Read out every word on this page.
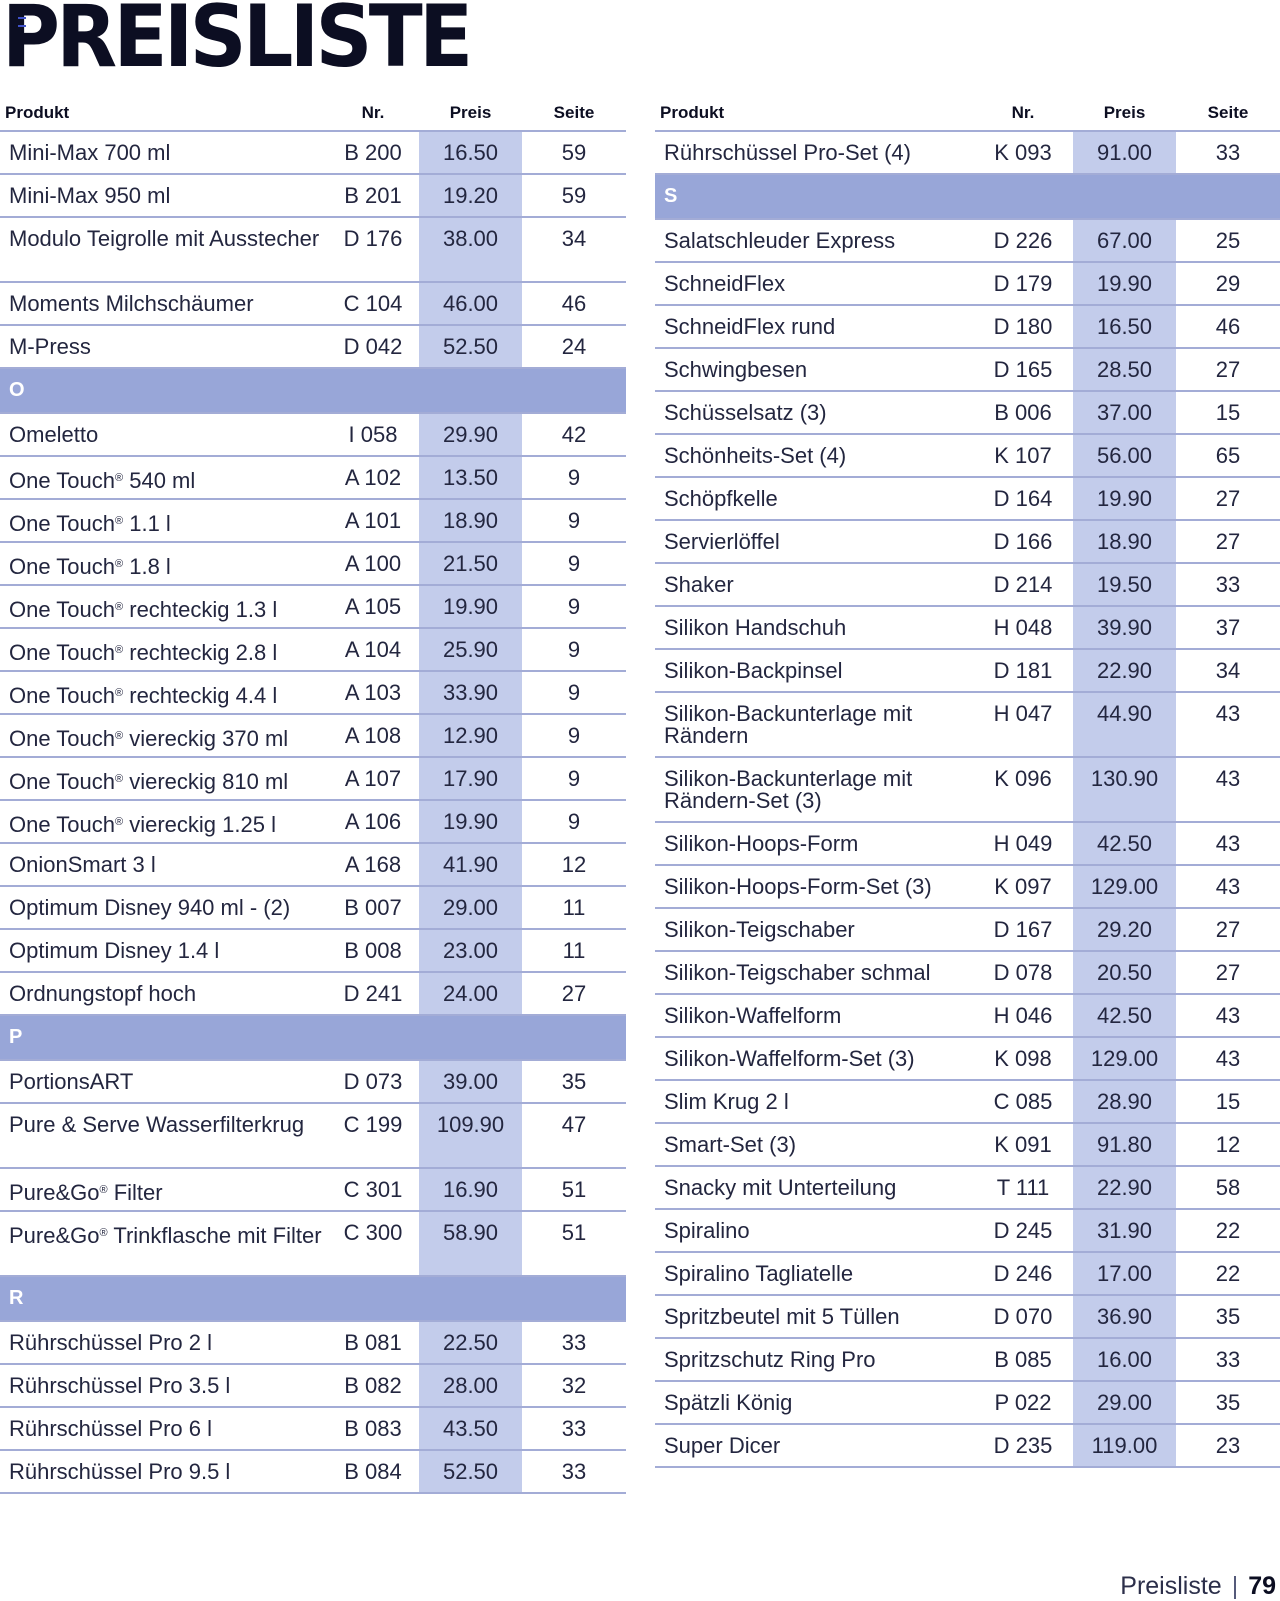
PREISLISTE
Produkt	Nr.	Preis	Seite
Mini-Max 700 ml	B 200	16.50	59
Mini-Max 950 ml	B 201	19.20	59
Modulo Teigrolle mit Ausstecher	D 176	38.00	34
Moments Milchschäumer	C 104	46.00	46
M-Press	D 042	52.50	24
O			
Omeletto	I 058	29.90	42
One Touch® 540 ml	A 102	13.50	9
One Touch® 1.1 l	A 101	18.90	9
One Touch® 1.8 l	A 100	21.50	9
One Touch® rechteckig 1.3 l	A 105	19.90	9
One Touch® rechteckig 2.8 l	A 104	25.90	9
One Touch® rechteckig 4.4 l	A 103	33.90	9
One Touch® viereckig 370 ml	A 108	12.90	9
One Touch® viereckig 810 ml	A 107	17.90	9
One Touch® viereckig 1.25 l	A 106	19.90	9
OnionSmart 3 l	A 168	41.90	12
Optimum Disney 940 ml - (2)	B 007	29.00	11
Optimum Disney 1.4 l	B 008	23.00	11
Ordnungstopf hoch	D 241	24.00	27
P			
PortionsART	D 073	39.00	35
Pure & Serve Wasserfilterkrug	C 199	109.90	47
Pure&Go® Filter	C 301	16.90	51
Pure&Go® Trinkflasche mit Filter	C 300	58.90	51
R			
Rührschüssel Pro 2 l	B 081	22.50	33
Rührschüssel Pro 3.5 l	B 082	28.00	32
Rührschüssel Pro 6 l	B 083	43.50	33
Rührschüssel Pro 9.5 l	B 084	52.50	33
Produkt	Nr.	Preis	Seite
Rührschüssel Pro-Set (4)	K 093	91.00	33
S			
Salatschleuder Express	D 226	67.00	25
SchneidFlex	D 179	19.90	29
SchneidFlex rund	D 180	16.50	46
Schwingbesen	D 165	28.50	27
Schüsselsatz (3)	B 006	37.00	15
Schönheits-Set (4)	K 107	56.00	65
Schöpfkelle	D 164	19.90	27
Servierlöffel	D 166	18.90	27
Shaker	D 214	19.50	33
Silikon Handschuh	H 048	39.90	37
Silikon-Backpinsel	D 181	22.90	34
Silikon-Backunterlage mit Rändern	H 047	44.90	43
Silikon-Backunterlage mit Rändern-Set (3)	K 096	130.90	43
Silikon-Hoops-Form	H 049	42.50	43
Silikon-Hoops-Form-Set (3)	K 097	129.00	43
Silikon-Teigschaber	D 167	29.20	27
Silikon-Teigschaber schmal	D 078	20.50	27
Silikon-Waffelform	H 046	42.50	43
Silikon-Waffelform-Set (3)	K 098	129.00	43
Slim Krug 2 l	C 085	28.90	15
Smart-Set (3)	K 091	91.80	12
Snacky mit Unterteilung	T 111	22.90	58
Spiralino	D 245	31.90	22
Spiralino Tagliatelle	D 246	17.00	22
Spritzbeutel mit 5 Tüllen	D 070	36.90	35
Spritzschutz Ring Pro	B 085	16.00	33
Spätzli König	P 022	29.00	35
Super Dicer	D 235	119.00	23
Preisliste | 79
